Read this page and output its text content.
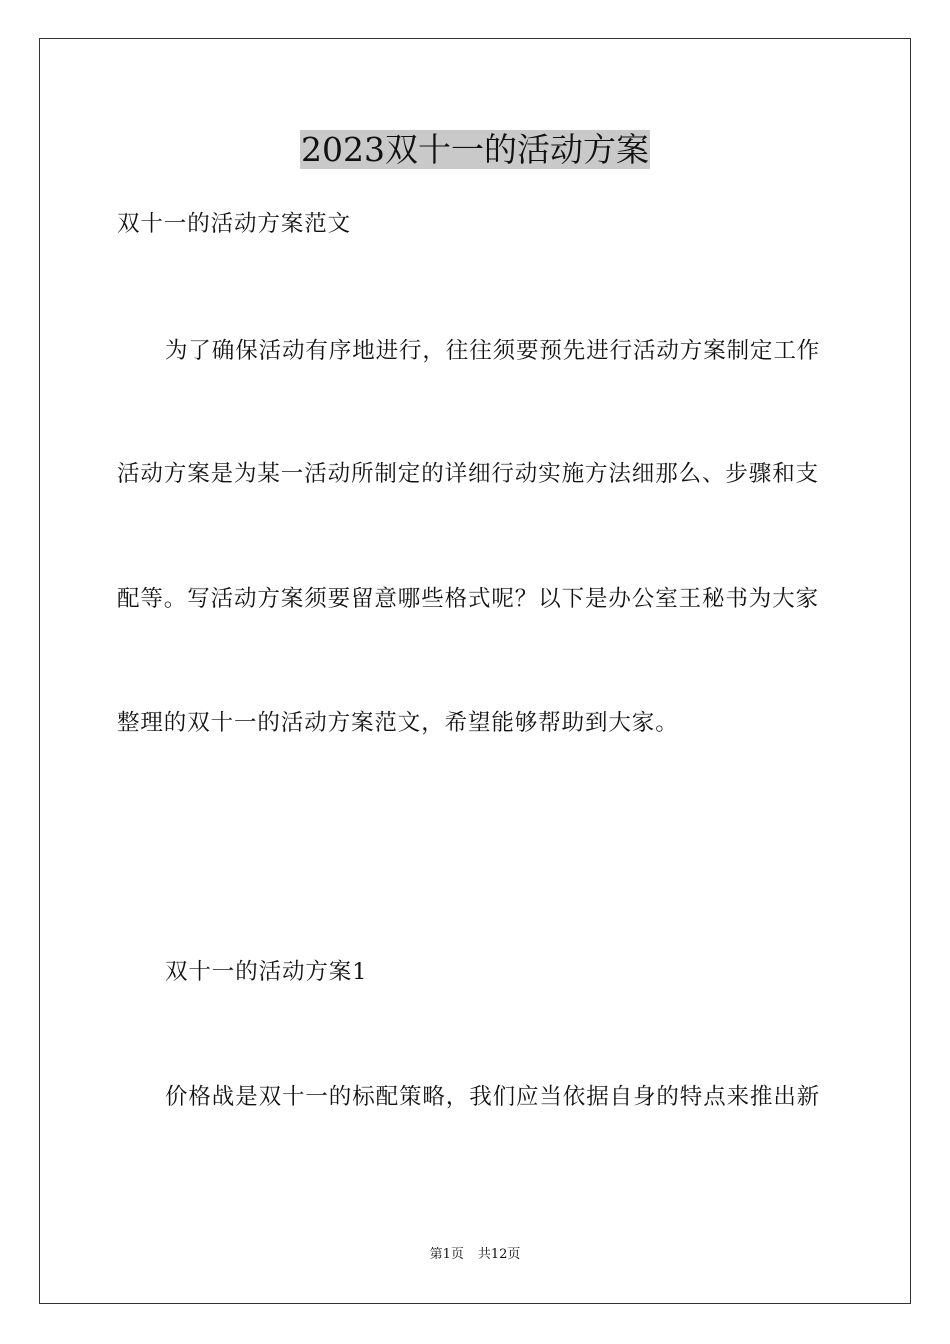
2023双十一的活动方案
双十一的活动方案范文
为了确保活动有序地进行，往往须要预先进行活动方案制定工作
活动方案是为某一活动所制定的详细行动实施方法细那么、步骤和支
配等。写活动方案须要留意哪些格式呢？以下是办公室王秘书为大家
整理的双十一的活动方案范文，希望能够帮助到大家。
双十一的活动方案1
价格战是双十一的标配策略，我们应当依据自身的特点来推出新
第1页 共12页
